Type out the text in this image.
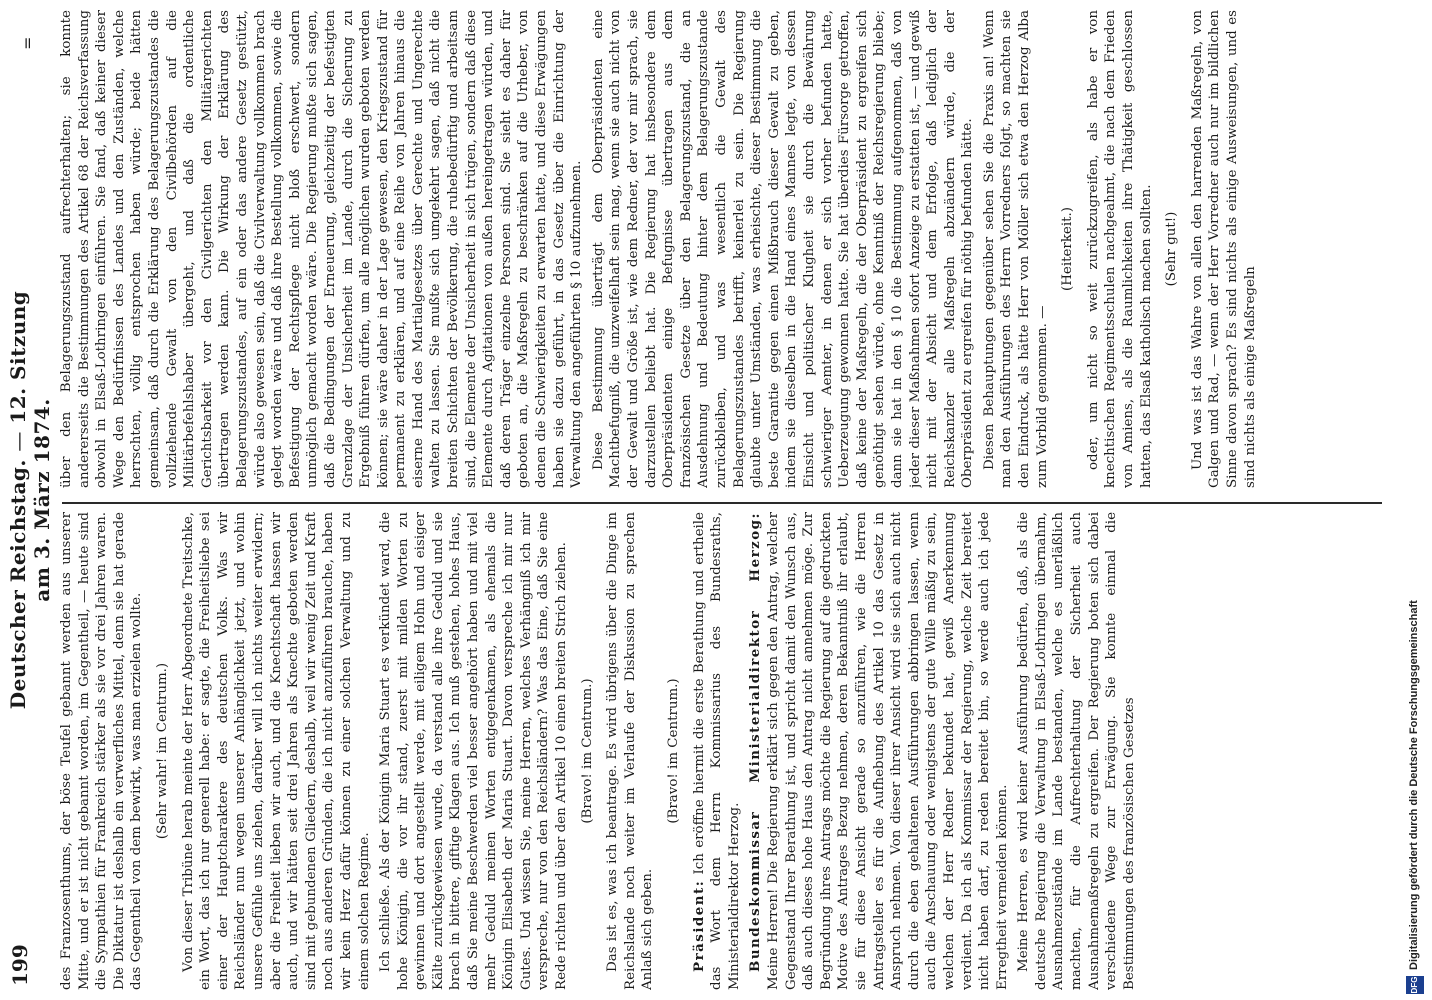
199
Deutscher Reichstag. — 12. Sitzung am 3. März 1874.
=

des Franzosenthums, der böse Teufel gebannt werden aus unserer Mitte, und er ist nicht gebannt worden, im Gegentheil, — heute sind die Sympathien für Frankreich stärker als sie vor drei Jahren waren. Die Diktatur ist deshalb ein verwerfliches Mittel, denn sie hat gerade das Gegentheil von dem bewirkt, was man erzielen wollte. (Sehr wahr! im Centrum.) Von dieser Tribüne herab meinte der Herr Abgeordnete Treitschke, ein Wort, das ich nur generell habe: er sagte, die Freiheitsliebe sei einer der Hauptcharaktere des deutschen Volks. Was wir Reichsländer nun wegen unserer Anhänglichkeit jetzt, und wohin unsere Gefühle uns ziehen, darüber will ich nichts weiter erwidern; aber die Freiheit lieben wir auch, und die Knechtschaft hassen wir auch, und wir hätten seit drei Jahren als Knechte geboten werden sind mit gebundenen Gliedern, deshalb, weil wir wenig Zeit und Kraft noch aus anderen Gründen, die ich nicht anzuführen brauche, haben wir kein Herz dafür können zu einer solchen Verwaltung und zu einem solchen Regime. Ich schließe. Als der Königin Maria Stuart es verkündet ward, die hohe Königin, die vor ihr stand, zuerst mit milden Worten zu gewinnen und dort angestellt werde, mit eiligem Hohn und eisiger Kälte zurückgewiesen wurde, da verstand alle ihre Geduld und sie brach in bittere, giftige Klagen aus. Ich muß gestehen, hohes Haus, daß Sie meine Beschwerden viel besser angehört haben und mit viel mehr Geduld meinen Worten entgegenkamen, als ehemals die Königin Elisabeth der Maria Stuart. Davon verspreche ich mir nur Gutes. Und wissen Sie, meine Herren, welches Verhängniß ich mir verspreche, nur von den Reichsländern? Was das Eine, daß Sie eine Rede richten und über den Artikel 10 einen breiten Strich ziehen. (Bravo! im Centrum.) Das ist es, was ich beantrage. Es wird übrigens über die Dinge im Reichslande noch weiter im Verlaufe der Diskussion zu sprechen Anlaß sich geben.

(Bravo! im Centrum.)

Präsident: Ich eröffne hiermit die erste Berathung und ertheile das Wort dem Herrn Kommissarius des Bundesraths, Ministerialdirektor Herzog. Bundeskommissar Ministerialdirektor Herzog: Meine Herren! Die Regierung erklärt sich gegen den Antrag, welcher Gegenstand Ihrer Berathung ist, und spricht damit den Wunsch aus, daß auch dieses hohe Haus den Antrag nicht annehmen möge. Zur Begründung ihres Antrags möchte die Regierung auf die gedruckten Motive des Antrages Bezug nehmen, deren Bekanntniß ihr erlaubt, sie für diese Ansicht gerade so anzuführen, wie die Herren Antragsteller es für die Aufhebung des Artikel 10 das Gesetz in Anspruch nehmen. Von dieser ihrer Ansicht wird sie sich auch nicht durch die eben gehaltenen Ausführungen abbringen lassen, wenn auch die Anschauung oder wenigstens der gute Wille mäßig zu sein, welchen der Herr Redner bekundet hat, gewiß Anerkennung verdient. Da ich als Kommissar der Regierung, welche Zeit bereitet nicht haben darf, zu reden bereitet bin, so werde auch ich jede Erregtheit vermeiden können. Meine Herren, es wird keiner Ausführung bedürfen, daß, als die deutsche Regierung die Verwaltung in Elsaß-Lothringen übernahm, Ausnahmezustände im Lande bestanden, welche es unerläßlich machten, für die Aufrechterhaltung der Sicherheit auch Ausnahmemaßregeln zu ergreifen. Der Regierung boten sich dabei verschiedene Wege zur Erwägung. Sie konnte einmal die Bestimmungen des französischen Gesetzes

über den Belagerungszustand aufrechterhalten; sie konnte andererseits die Bestimmungen des Artikel 68 der Reichsverfassung obwohl in Elsaß-Lothringen einführen. Sie fand, daß keiner dieser Wege den Bedürfnissen des Landes und den Zuständen, welche herrschten, völlig entsprochen haben würde; beide hätten gemeinsam, daß durch die Erklärung des Belagerungszustandes die vollziehende Gewalt von den Civilbehörden auf die Militärbefehlshaber übergeht, und daß die ordentliche Gerichtsbarkeit vor den Civilgerichten den Militärgerichten übertragen werden kann. Die Wirkung der Erklärung des Belagerungszustandes, auf ein oder das andere Gesetz gestützt, würde also gewesen sein, daß die Civilverwaltung vollkommen brach gelegt worden wäre und daß ihre Bestellung vollkommen, sowie die Befestigung der Rechtspflege nicht bloß erschwert, sondern unmöglich gemacht worden wäre. Die Regierung mußte sich sagen, daß die Bedingungen der Erneuerung, gleichzeitig der befestigten Grenzlage der Unsicherheit im Lande, durch die Sicherung zu Ergebniß führen dürfen, um alle möglichen wurden geboten werden können; sie wäre daher in der Lage gewesen, den Kriegszustand für permanent zu erklären, und auf eine Reihe von Jahren hinaus die eiserne Hand des Martialgesetzes über Gerechte und Ungerechte walten zu lassen. Sie mußte sich umgekehrt sagen, daß nicht die breiten Schichten der Bevölkerung, die ruhebedürftig und arbeitsam sind, die Elemente der Unsicherheit in sich trügen, sondern daß diese Elemente durch Agitationen von außen hereingetragen würden, und daß deren Träger einzelne Personen sind. Sie sieht es daher für geboten an, die Maßregeln zu beschränken auf die Urheber, von denen die Schwierigkeiten zu erwarten hatte, und diese Erwägungen haben sie dazu geführt, in das Gesetz über die Einrichtung der Verwaltung den angeführten § 10 aufzunehmen. Diese Bestimmung überträgt dem Oberpräsidenten eine Machtbefugniß, die unzweifelhaft sein mag, wenn sie auch nicht von der Gewalt und Größe ist, wie dem Redner, der vor mir sprach, sie darzustellen beliebt hat. Die Regierung hat insbesondere dem Oberpräsidenten einige Befugnisse übertragen aus dem französischen Gesetze über den Belagerungszustand, die an Ausdehnung und Bedeutung hinter dem Belagerungszustande zurückbleiben, und was wesentlich die Gewalt des Belagerungszustandes betrifft, keinerlei zu sein. Die Regierung glaubte unter Umständen, was erheischte, dieser Bestimmung die beste Garantie gegen einen Mißbrauch dieser Gewalt zu geben, indem sie dieselben in die Hand eines Mannes legte, von dessen Einsicht und politischer Klugheit sie durch die Bewährung schwieriger Aemter, in denen er sich vorher befunden hatte, Ueberzeugung gewonnen hatte. Sie hat überdies Fürsorge getroffen, daß keine der Maßregeln, die der Oberpräsident zu ergreifen sich genöthigt sehen würde, ohne Kenntniß der Reichsregierung bliebe; dann sie hat in den § 10 die Bestimmung aufgenommen, daß von jeder dieser Maßnahmen sofort Anzeige zu erstatten ist, — und gewiß nicht mit der Absicht und dem Erfolge, daß lediglich der Reichskanzler alle Maßregeln abzuändern würde, die der Oberpräsident zu ergreifen für nöthig befunden hätte. Diesen Behauptungen gegenüber sehen Sie die Praxis an! Wenn man den Ausführungen des Herrn Vorredners folgt, so machten sie den Eindruck, als hätte Herr von Möller sich etwa den Herzog Alba zum Vorbild genommen. —

(Heiterkeit.) oder, um nicht so weit zurückzugreifen, als habe er von knechtischen Regimentsschulen nachgeahmt, die nach dem Frieden von Amiens, als die Raumlichkeiten ihre Thätigkeit geschlossen hatten, das Elsaß katholisch machen sollten. (Sehr gut!) Und was ist das Wahre von allen den harrenden Maßregeln, von Galgen und Rad, — wenn der Herr Vorredner auch nur im bildlichen Sinne davon sprach? Es sind nichts als einige Ausweisungen, und es sind nichts als einige Maßregeln

DFG
Digitalisierung gefördert durch die Deutsche Forschungsgemeinschaft
